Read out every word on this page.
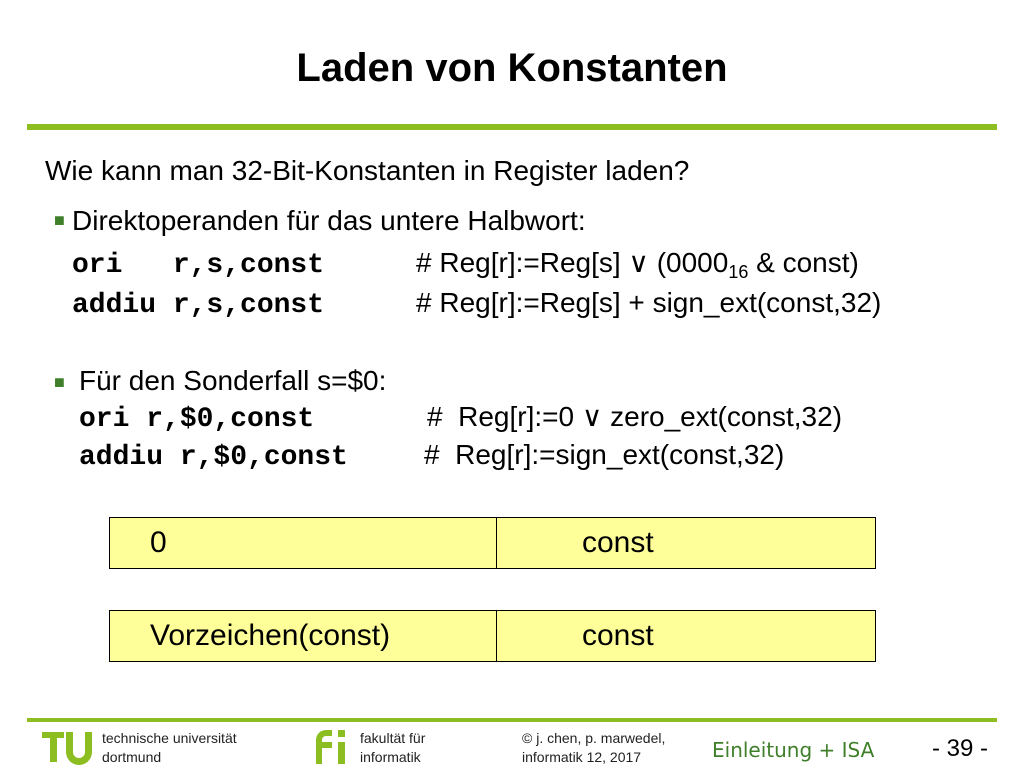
Laden von Konstanten
Wie kann man 32-Bit-Konstanten in Register laden?
■ Direktoperanden für das untere Halbwort:
ori   r,s,const	# Reg[r]:=Reg[s] ∨ ($0000_{16}$ & const)
addiu r,s,const	# Reg[r]:=Reg[s] + sign_ext(const,32)
■ Für den Sonderfall s=$0:
ori r,$0,const	#  Reg[r]:=0 ∨ zero_ext(const,32)
addiu r,$0,const	#  Reg[r]:=sign_ext(const,32)
0	const
Vorzeichen(const)	const
technische universität
dortmund
fakultät für
informatik
© j. chen, p. marwedel,
informatik 12, 2017	Einleitung + ISA - 39 -
